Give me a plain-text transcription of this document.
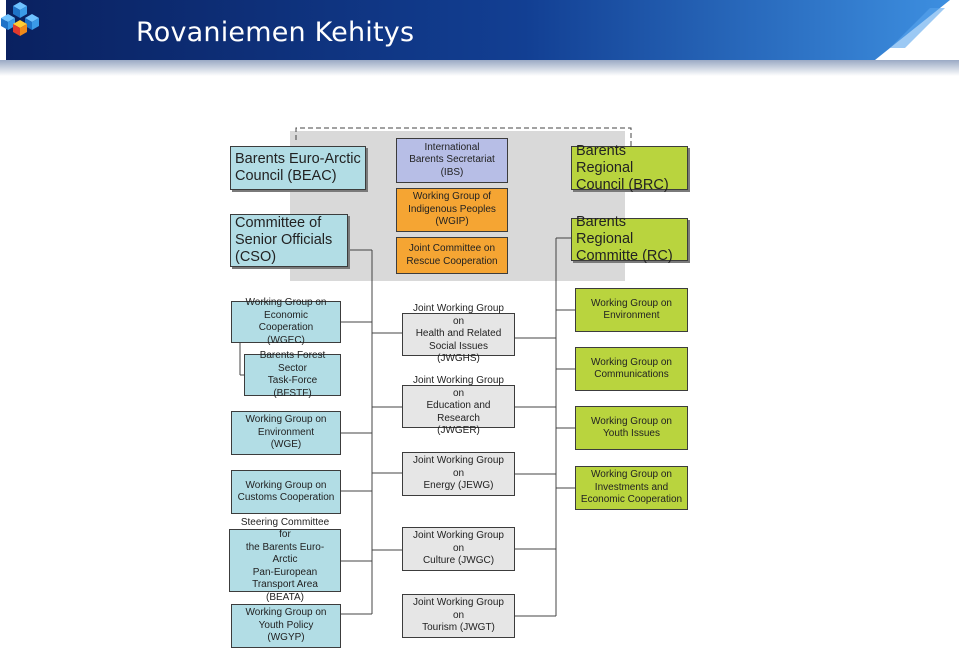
Rovaniemen Kehitys
Barents Euro-Arctic
Council (BEAC)
Committee of
Senior Officials
(CSO)
Barents Regional
Council (BRC)
Barents Regional
Committe (RC)
International
Barents Secretariat
(IBS)
Working Group of
Indigenous Peoples
(WGIP)
Joint Committee on
Rescue Cooperation
Working Group on
Economic Cooperation
(WGEC)
Barents Forest Sector
Task-Force (BFSTF)
Working Group on
Environment
(WGE)
Working Group on
Customs Cooperation
Steering Committee for
the Barents Euro-Arctic
Pan-European
Transport Area (BEATA)
Working Group on
Youth Policy
(WGYP)
Joint Working Group on
Health and Related
Social Issues (JWGHS)
Joint Working Group on
Education and Research
(JWGER)
Joint Working Group on
Energy (JEWG)
Joint Working Group on
Culture (JWGC)
Joint Working Group on
Tourism (JWGT)
Working Group on
Environment
Working Group on
Communications
Working Group on
Youth Issues
Working Group on
Investments and
Economic Cooperation
